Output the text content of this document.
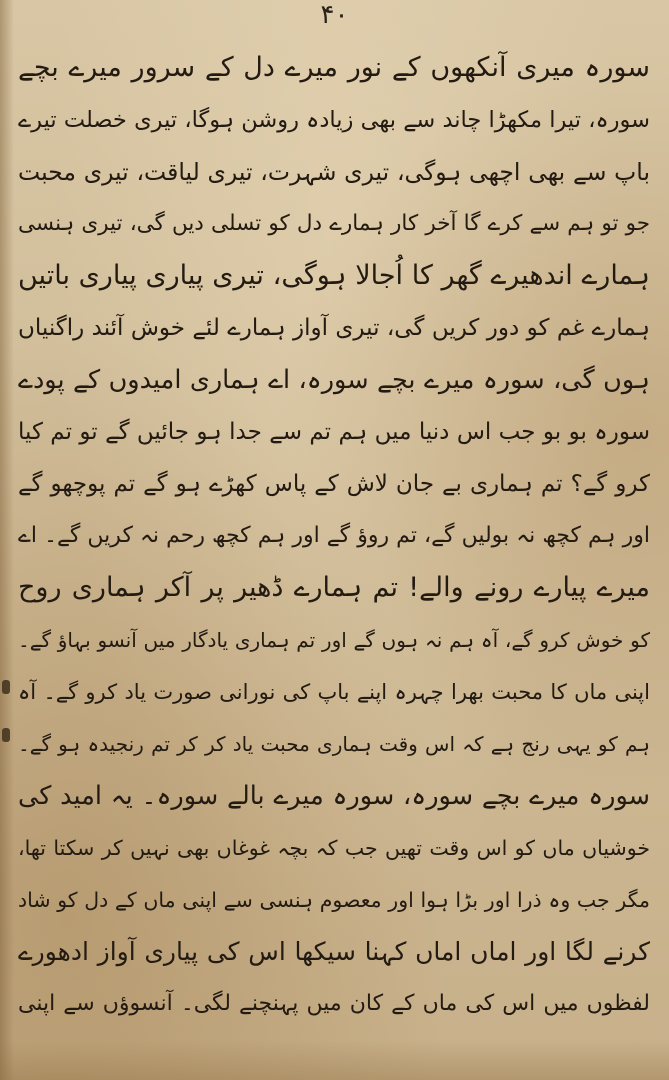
۴۰
سورہ میری آنکھوں کے نور میرے دل کے سرور میرے بچے
سورہ، تیرا مکھڑا چاند سے بھی زیادہ روشن ہوگا، تیری خصلت تیرے
باپ سے بھی اچھی ہوگی، تیری شہرت، تیری لیاقت، تیری محبت
جو تو ہم سے کرے گا آخر کار ہمارے دل کو تسلی دیں گی، تیری ہنسی
ہمارے اندھیرے گھر کا اُجالا ہوگی، تیری پیاری پیاری باتیں
ہمارے غم کو دور کریں گی، تیری آواز ہمارے لئے خوش آئند راگنیاں
ہوں گی، سورہ میرے بچے سورہ، اے ہماری امیدوں کے پودے
سورہ بو بو جب اس دنیا میں ہم تم سے جدا ہو جائیں گے تو تم کیا
کرو گے؟ تم ہماری بے جان لاش کے پاس کھڑے ہو گے تم پوچھو گے
اور ہم کچھ نہ بولیں گے، تم روؤ گے اور ہم کچھ رحم نہ کریں گے۔ اے
میرے پیارے رونے والے! تم ہمارے ڈھیر پر آکر ہماری روح
کو خوش کرو گے، آہ ہم نہ ہوں گے اور تم ہماری یادگار میں آنسو بہاؤ گے۔
اپنی ماں کا محبت بھرا چہرہ اپنے باپ کی نورانی صورت یاد کرو گے۔ آہ
ہم کو یہی رنج ہے کہ اس وقت ہماری محبت یاد کر کر تم رنجیدہ ہو گے۔
سورہ میرے بچے سورہ، سورہ میرے بالے سورہ۔ یہ امید کی
خوشیاں ماں کو اس وقت تھیں جب کہ بچہ غوغاں بھی نہیں کر سکتا تھا،
مگر جب وہ ذرا اور بڑا ہوا اور معصوم ہنسی سے اپنی ماں کے دل کو شاد
کرنے لگا اور اماں اماں کہنا سیکھا اس کی پیاری آواز ادھورے
لفظوں میں اس کی ماں کے کان میں پہنچنے لگی۔ آنسوؤں سے اپنی
